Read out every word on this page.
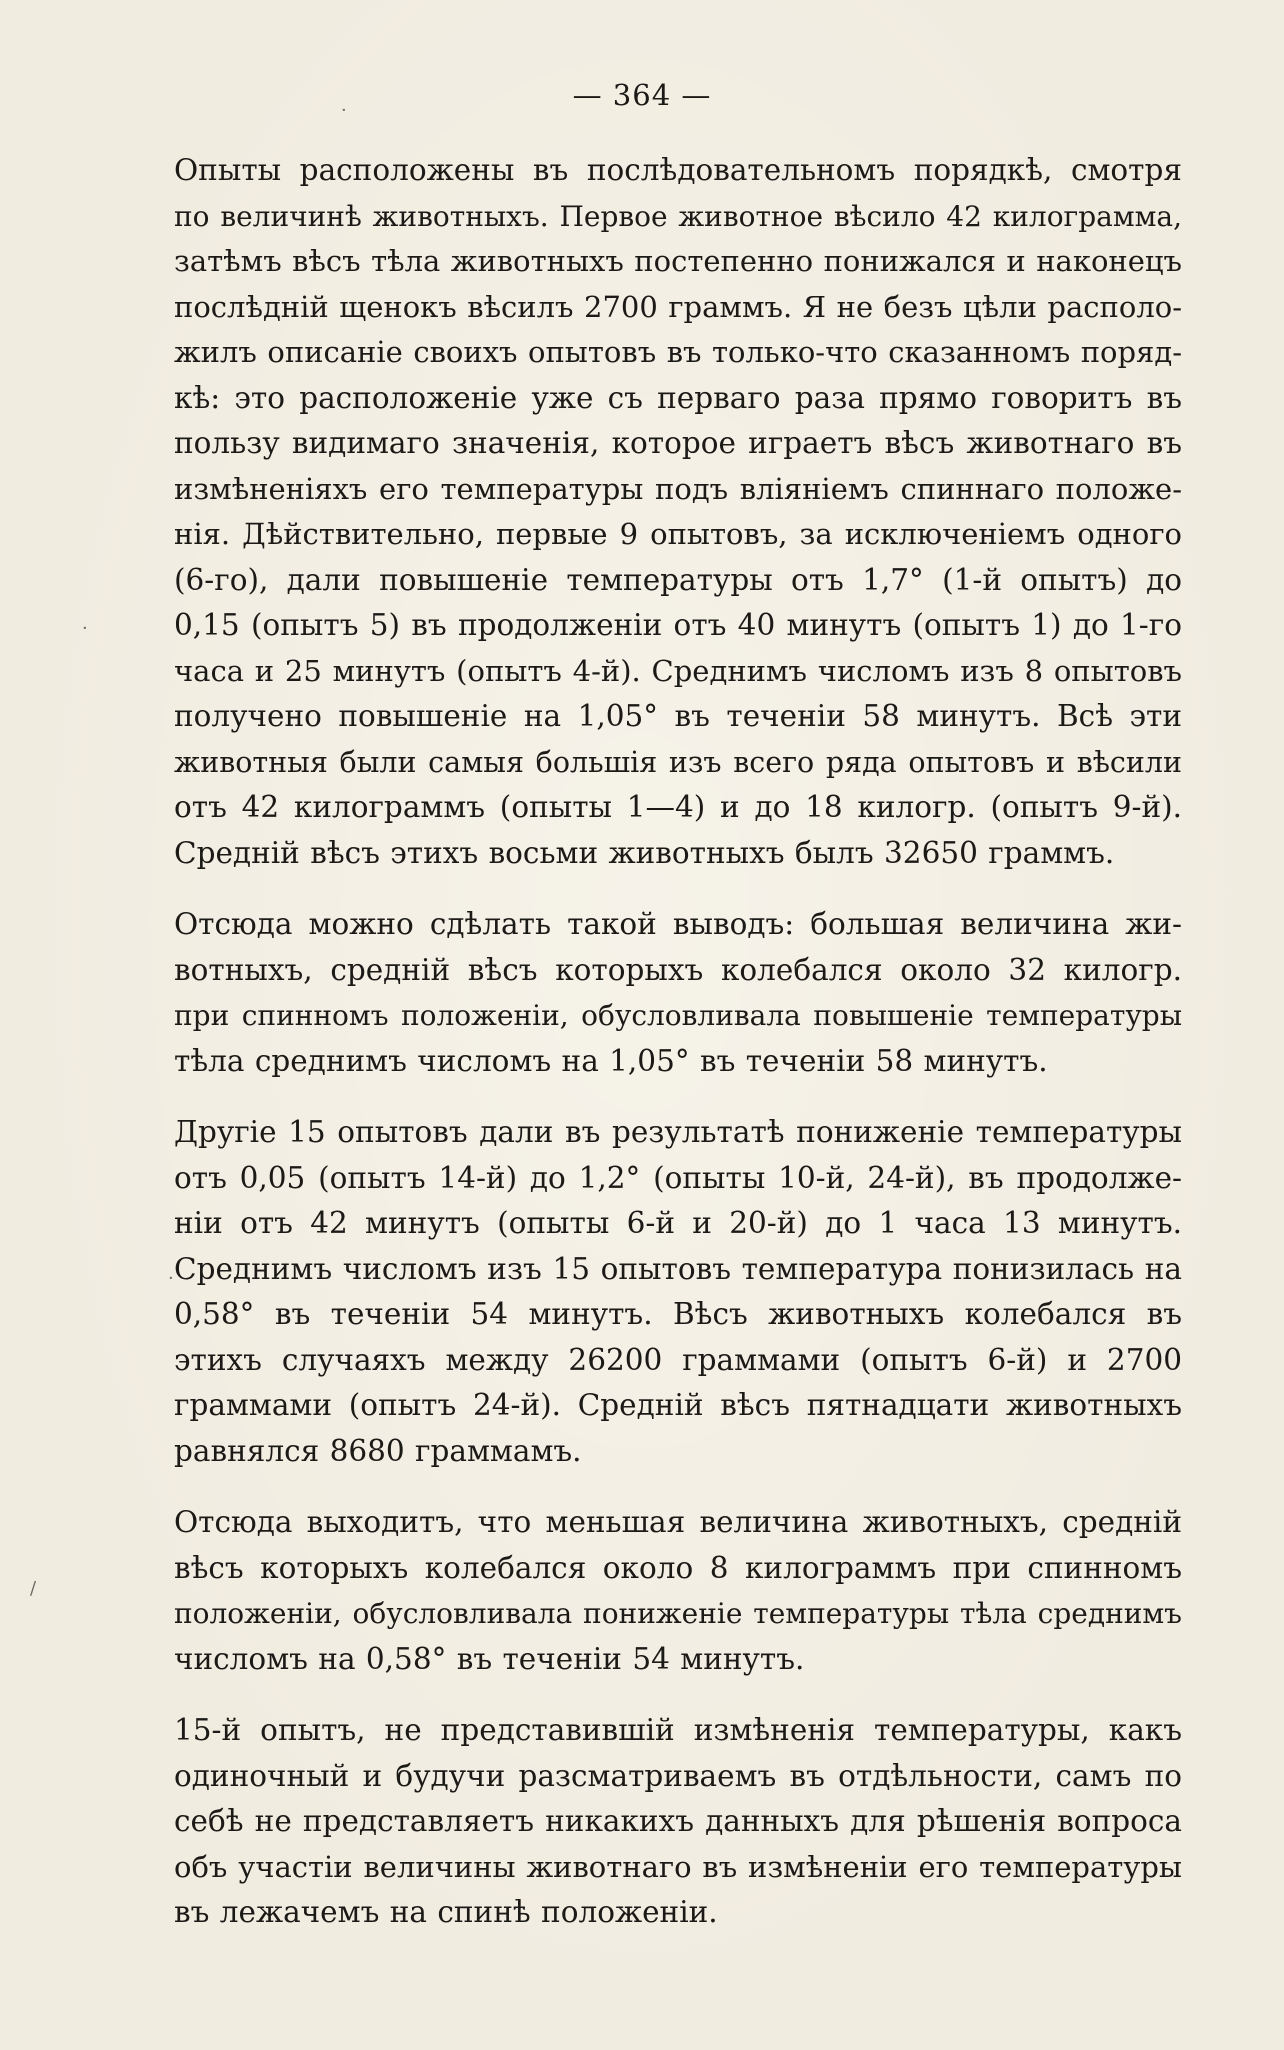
— 364 —
Опыты расположены въ послѣдовательномъ порядкѣ, смотря
по величинѣ животныхъ. Первое животное вѣсило 42 килограмма,
затѣмъ вѣсъ тѣла животныхъ постепенно понижался и наконецъ
послѣднiй щенокъ вѣсилъ 2700 граммъ. Я не безъ цѣли располо-
жилъ описанiе своихъ опытовъ въ только-что сказанномъ поряд-
кѣ: это расположенiе уже съ перваго раза прямо говоритъ въ
пользу видимаго значенiя, которое играетъ вѣсъ животнаго въ
измѣненiяхъ его температуры подъ влiянiемъ спиннаго положе-
нiя. Дѣйствительно, первые 9 опытовъ, за исключенiемъ одного
(6-го), дали повышенiе температуры отъ 1,7° (1-й опытъ) до
0,15 (опытъ 5) въ продолженiи отъ 40 минутъ (опытъ 1) до 1-го
часа и 25 минутъ (опытъ 4-й). Среднимъ числомъ изъ 8 опытовъ
получено повышенiе на 1,05° въ теченiи 58 минутъ. Всѣ эти
животныя были самыя большiя изъ всего ряда опытовъ и вѣсили
отъ 42 килограммъ (опыты 1—4) и до 18 килогр. (опытъ 9-й).
Среднiй вѣсъ этихъ восьми животныхъ былъ 32650 граммъ.
Отсюда можно сдѣлать такой выводъ: большая величина жи-
вотныхъ, среднiй вѣсъ которыхъ колебался около 32 килогр.
при спинномъ положенiи, обусловливала повышенiе температуры
тѣла среднимъ числомъ на 1,05° въ теченiи 58 минутъ.
Другiе 15 опытовъ дали въ результатѣ пониженiе температуры
отъ 0,05 (опытъ 14-й) до 1,2° (опыты 10-й, 24-й), въ продолже-
нiи отъ 42 минутъ (опыты 6-й и 20-й) до 1 часа 13 минутъ.
Среднимъ числомъ изъ 15 опытовъ температура понизилась на
0,58° въ теченiи 54 минутъ. Вѣсъ животныхъ колебался въ
этихъ случаяхъ между 26200 граммами (опытъ 6-й) и 2700
граммами (опытъ 24-й). Среднiй вѣсъ пятнадцати животныхъ
равнялся 8680 граммамъ.
Отсюда выходитъ, что меньшая величина животныхъ, среднiй
вѣсъ которыхъ колебался около 8 килограммъ при спинномъ
положенiи, обусловливала пониженiе температуры тѣла среднимъ
числомъ на 0,58° въ теченiи 54 минутъ.
15-й опытъ, не представившiй измѣненiя температуры, какъ
одиночный и будучи разсматриваемъ въ отдѣльности, самъ по
себѣ не представляетъ никакихъ данныхъ для рѣшенiя вопроса
объ участiи величины животнаго въ измѣненiи его температуры
въ лежачемъ на спинѣ положенiи.
·
·
·
/
